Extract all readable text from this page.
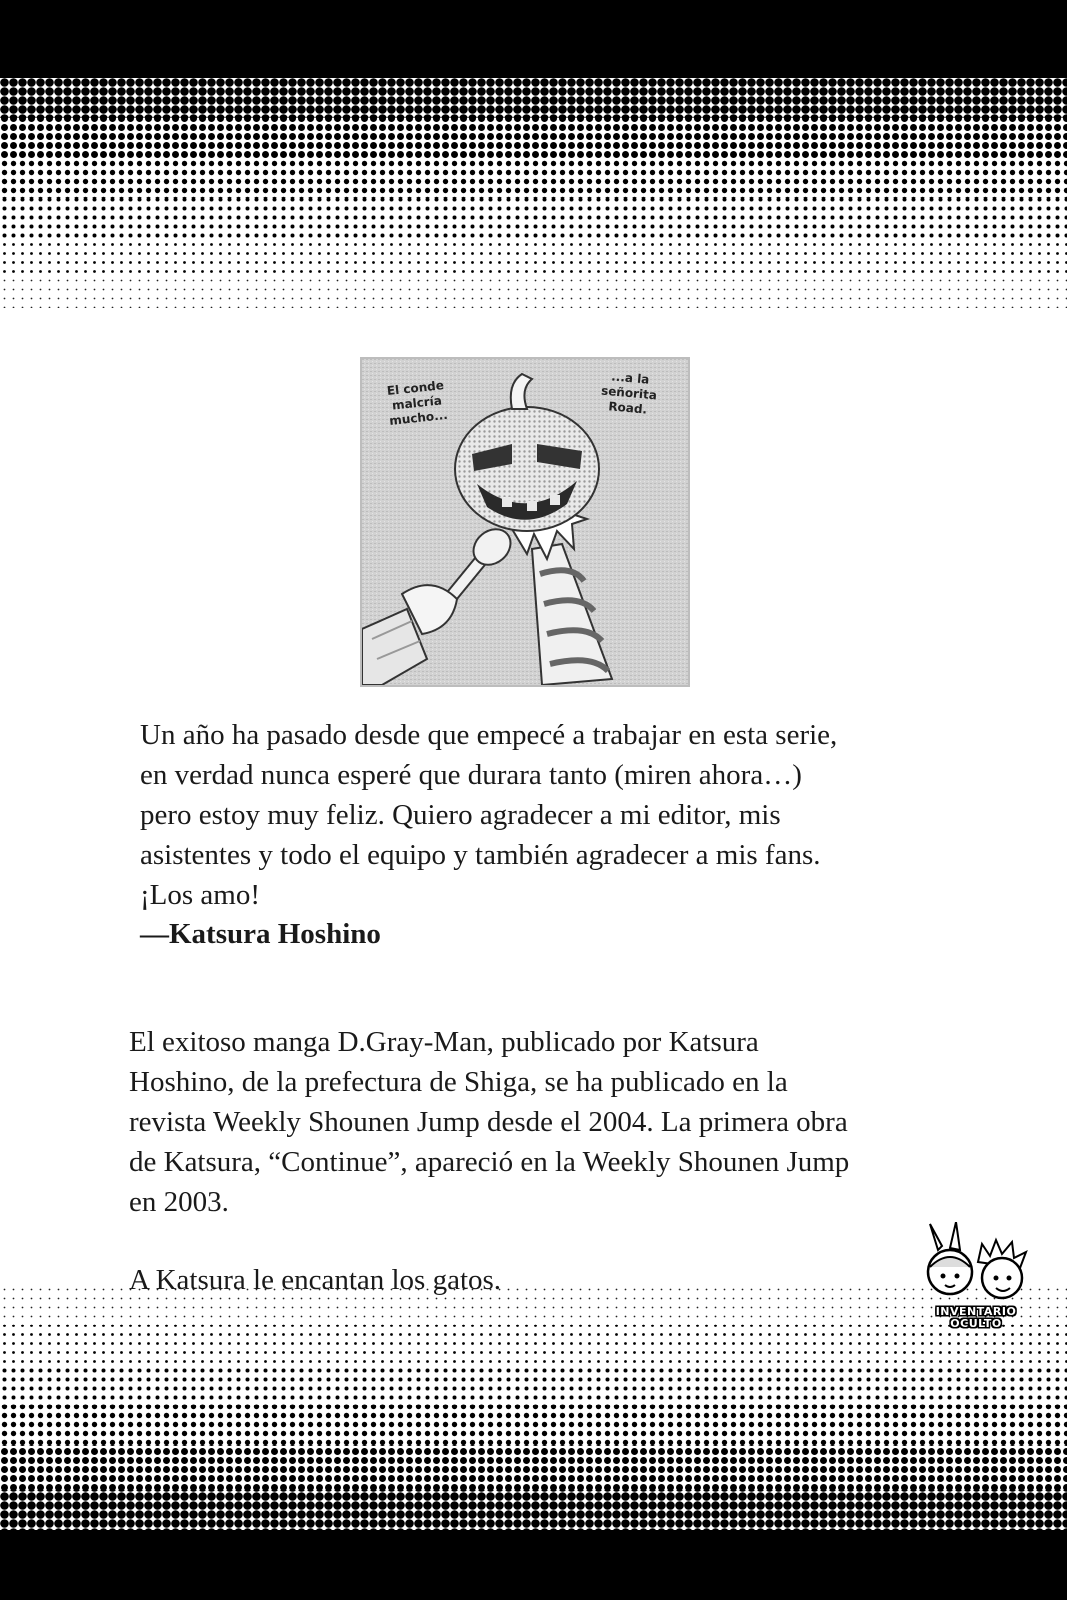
El conde malcría mucho...
...a la señorita Road.

Un año ha pasado desde que empecé a trabajar en esta serie,

en verdad nunca esperé que durara tanto (miren ahora…)

pero estoy muy feliz. Quiero agradecer a mi editor, mis

asistentes y todo el equipo y también agradecer a mis fans.

¡Los amo!

—Katsura Hoshino

El exitoso manga D.Gray-Man, publicado por Katsura

Hoshino, de la prefectura de Shiga, se ha publicado en la

revista Weekly Shounen Jump desde el 2004. La primera obra

de Katsura, “Continue”, apareció en la Weekly Shounen Jump

en 2003.

A Katsura le encantan los gatos.
INVENTARIO
OCULTO
